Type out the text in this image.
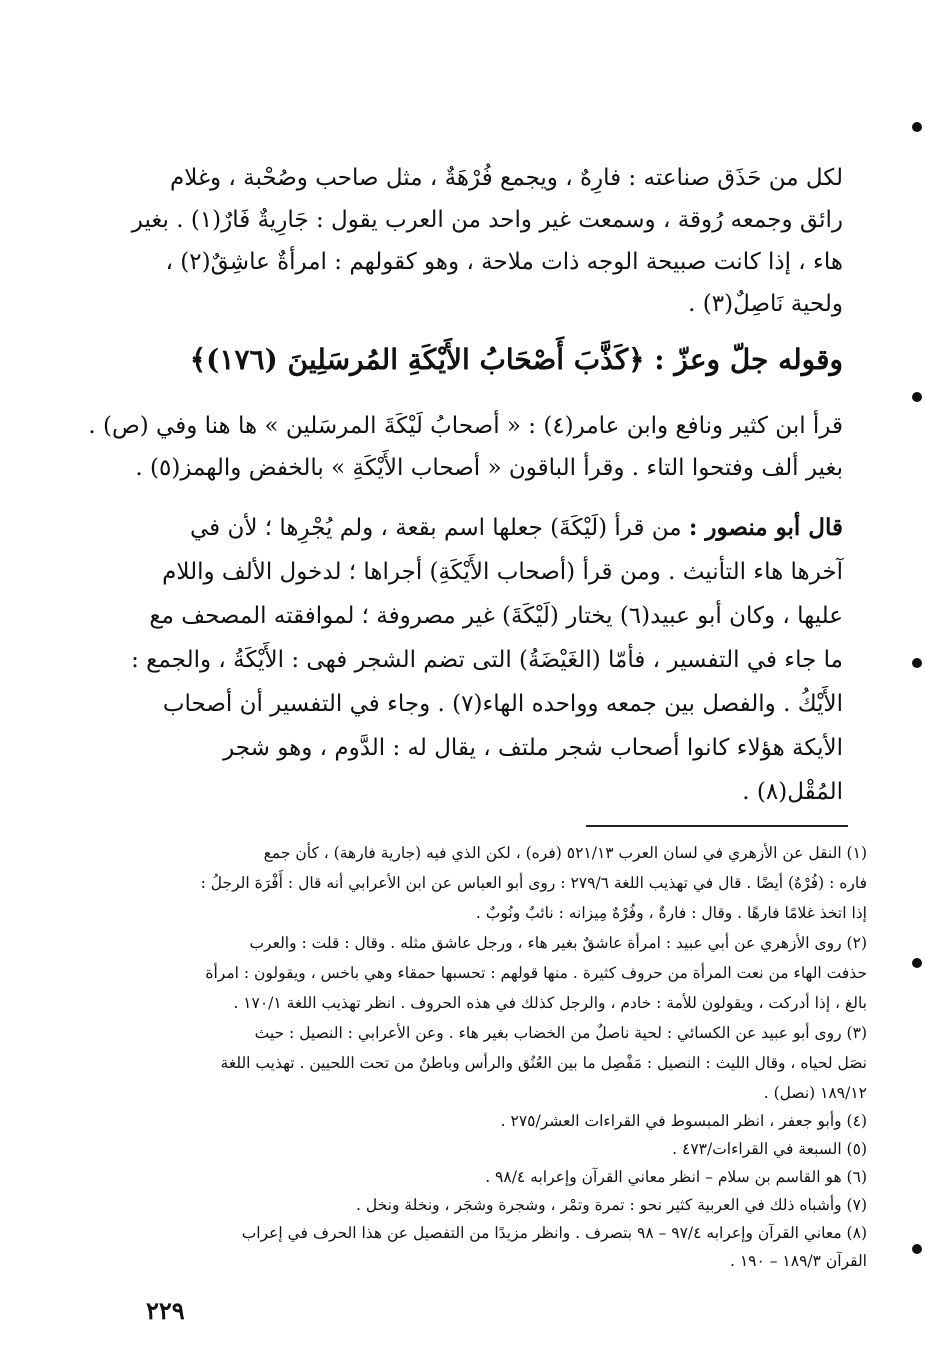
لكل من حَذَق صناعته : فارِهٌ ، ويجمع فُرْهَةٌ ، مثل صاحب وصُحْبة ، وغلام
رائق وجمعه رُوقة ، وسمعت غير واحد من العرب يقول : جَارِيةٌ فَارٌ(١) . بغير
هاء ، إذا كانت صبيحة الوجه ذات ملاحة ، وهو كقولهم : امرأةٌ عاشِقٌ(٢) ،
ولحية نَاصِلٌ(٣) .
وقوله جلّ وعزّ : ﴿كَذَّبَ أَصْحَابُ الأَيْكَةِ المُرسَلِينَ (١٧٦)﴾
قرأ ابن كثير ونافع وابن عامر(٤) : « أصحابُ لَيْكَةَ المرسَلين » ها هنا وفي (ص) .
بغير ألف وفتحوا التاء . وقرأ الباقون « أصحاب الأَيْكَةِ » بالخفض والهمز(٥) .
قال أبو منصور : من قرأ (لَيْكَةَ) جعلها اسم بقعة ، ولم يُجْرِها ؛ لأن في
آخرها هاء التأنيث . ومن قرأ (أصحاب الأَيْكَةِ) أجراها ؛ لدخول الألف واللام
عليها ، وكان أبو عبيد(٦) يختار (لَيْكَةَ) غير مصروفة ؛ لموافقته المصحف مع
ما جاء في التفسير ، فأمّا (الغَيْضَةُ) التى تضم الشجر فهى : الأَيْكَةُ ، والجمع :
الأَيْكُ . والفصل بين جمعه وواحده الهاء(٧) . وجاء في التفسير أن أصحاب
الأيكة هؤلاء كانوا أصحاب شجر ملتف ، يقال له : الدَّوم ، وهو شجر
المُقْل(٨) .
(١) النقل عن الأزهري في لسان العرب ٥٢١/١٣ (فره) ، لكن الذي فيه (جارية فارهة) ، كأن جمع
فاره : (فُرْهٌ) أيضًا . قال في تهذيب اللغة ٢٧٩/٦ : روى أبو العباس عن ابن الأعرابي أنه قال : أَفْرَهَ الرجلُ :
إذا اتخذ غلامًا فارهًا . وقال : فارةٌ ، وفُرْهٌ مِيزانه : نائبٌ ونُوبٌ .
(٢) روى الأزهري عن أبي عبيد : امرأة عاشقٌ بغير هاء ، ورجل عاشق مثله . وقال : قلت : والعرب
حذفت الهاء من نعت المرأة من حروف كثيرة . منها قولهم : تحسبها حمقاء وهي باخس ، ويقولون : امرأة
بالغ ، إذا أدركت ، ويقولون للأمة : خادم ، والرجل كذلك في هذه الحروف . انظر تهذيب اللغة ١٧٠/١ .
(٣) روى أبو عبيد عن الكسائي : لحية ناصلٌ من الخضاب بغير هاء . وعن الأعرابي : النصيل : حيث
نصَل لحياه ، وقال الليث : النصيل : مَفْصِل ما بين العُنُق والرأس وباطنٌ من تحت اللحيين . تهذيب اللغة
١٨٩/١٢ (نصل) .
(٤) وأبو جعفر ، انظر المبسوط في القراءات العشر/٢٧٥ .
(٥) السبعة في القراءات/٤٧٣ .
(٦) هو القاسم بن سلام – انظر معاني القرآن وإعرابه ٩٨/٤ .
(٧) وأشباه ذلك في العربية كثير نحو : تمرة وتمْر ، وشجرة وشجَر ، ونخلة ونخل .
(٨) معاني القرآن وإعرابه ٩٧/٤ – ٩٨ بتصرف . وانظر مزيدًا من التفصيل عن هذا الحرف في إعراب
القرآن ١٨٩/٣ – ١٩٠ .
٢٢٩
